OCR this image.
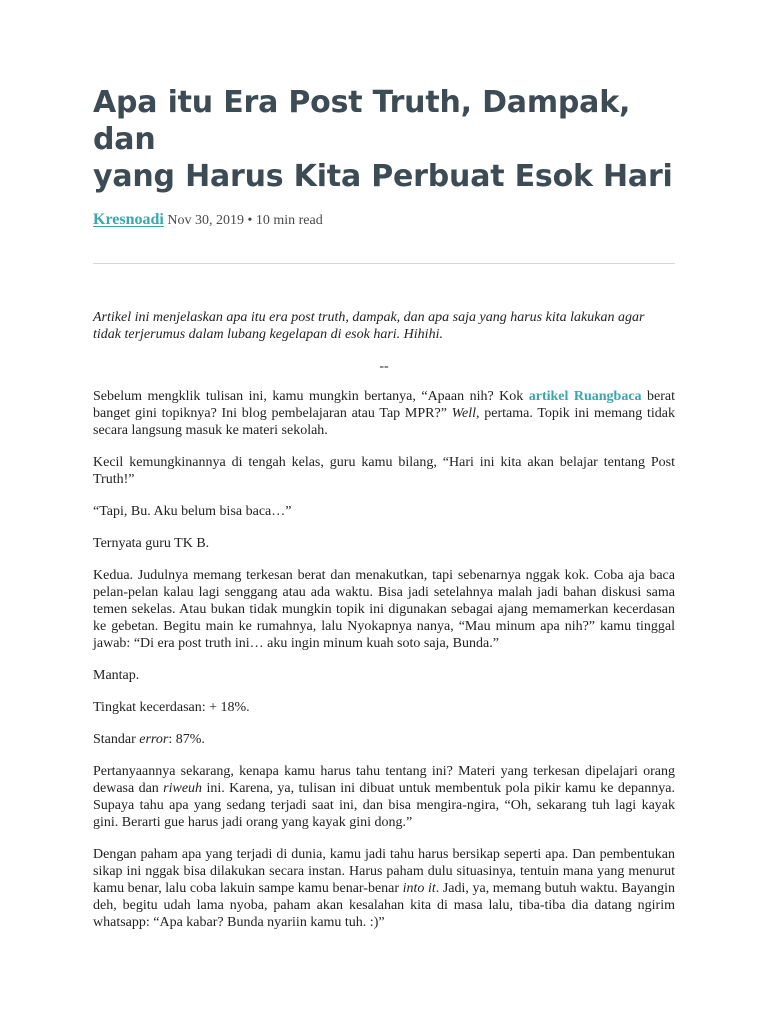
Apa itu Era Post Truth, Dampak, dan
yang Harus Kita Perbuat Esok Hari
Kresnoadi Nov 30, 2019 • 10 min read

Artikel ini menjelaskan apa itu era post truth, dampak, dan apa saja yang harus kita lakukan agar tidak terjerumus dalam lubang kegelapan di esok hari. Hihihi.

--

Sebelum mengklik tulisan ini, kamu mungkin bertanya, “Apaan nih? Kok artikel Ruangbaca berat banget gini topiknya? Ini blog pembelajaran atau Tap MPR?” Well, pertama. Topik ini memang tidak secara langsung masuk ke materi sekolah.

Kecil kemungkinannya di tengah kelas, guru kamu bilang, “Hari ini kita akan belajar tentang Post Truth!”

“Tapi, Bu. Aku belum bisa baca…”

Ternyata guru TK B.

Kedua. Judulnya memang terkesan berat dan menakutkan, tapi sebenarnya nggak kok. Coba aja baca pelan-pelan kalau lagi senggang atau ada waktu. Bisa jadi setelahnya malah jadi bahan diskusi sama temen sekelas. Atau bukan tidak mungkin topik ini digunakan sebagai ajang memamerkan kecerdasan ke gebetan. Begitu main ke rumahnya, lalu Nyokapnya nanya, “Mau minum apa nih?” kamu tinggal jawab: “Di era post truth ini… aku ingin minum kuah soto saja, Bunda.”

Mantap.

Tingkat kecerdasan: + 18%.

Standar error: 87%.

Pertanyaannya sekarang, kenapa kamu harus tahu tentang ini? Materi yang terkesan dipelajari orang dewasa dan riweuh ini. Karena, ya, tulisan ini dibuat untuk membentuk pola pikir kamu ke depannya. Supaya tahu apa yang sedang terjadi saat ini, dan bisa mengira-ngira, “Oh, sekarang tuh lagi kayak gini. Berarti gue harus jadi orang yang kayak gini dong.”

Dengan paham apa yang terjadi di dunia, kamu jadi tahu harus bersikap seperti apa. Dan pembentukan sikap ini nggak bisa dilakukan secara instan. Harus paham dulu situasinya, tentuin mana yang menurut kamu benar, lalu coba lakuin sampe kamu benar-benar into it. Jadi, ya, memang butuh waktu. Bayangin deh, begitu udah lama nyoba, paham akan kesalahan kita di masa lalu, tiba-tiba dia datang ngirim whatsapp: “Apa kabar? Bunda nyariin kamu tuh. :)”
